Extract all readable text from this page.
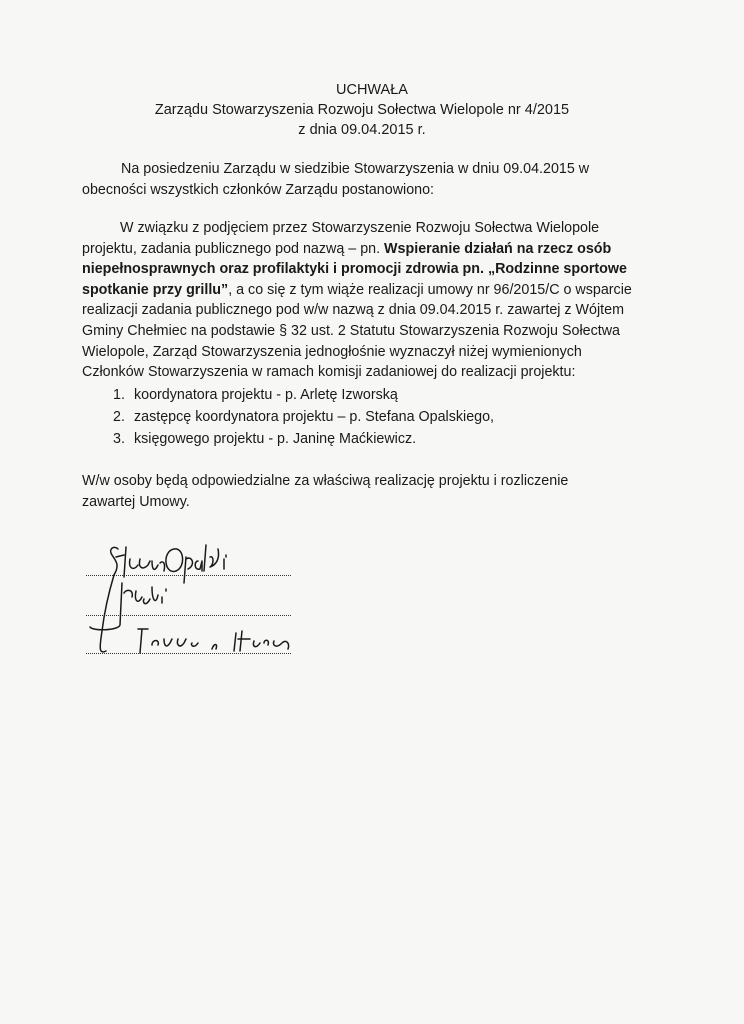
UCHWAŁA
Zarządu Stowarzyszenia Rozwoju Sołectwa Wielopole nr 4/2015
z dnia 09.04.2015 r.

Na posiedzeniu Zarządu w siedzibie Stowarzyszenia w dniu 09.04.2015 w

obecności wszystkich członków Zarządu postanowiono:

W związku z podjęciem przez Stowarzyszenie Rozwoju Sołectwa Wielopole

projektu, zadania publicznego pod nazwą – pn. Wspieranie działań na rzecz osób

niepełnosprawnych oraz profilaktyki i promocji zdrowia pn. „Rodzinne sportowe

spotkanie przy grillu”, a co się z tym wiąże realizacji umowy nr 96/2015/C o wsparcie

realizacji zadania publicznego pod w/w nazwą z dnia 09.04.2015 r. zawartej z Wójtem

Gminy Chełmiec na podstawie § 32 ust. 2 Statutu Stowarzyszenia Rozwoju Sołectwa

Wielopole, Zarząd Stowarzyszenia jednogłośnie wyznaczył niżej wymienionych

Członków Stowarzyszenia w ramach komisji zadaniowej do realizacji projektu:

1. koordynatora projektu - p. Arletę Izworską
2. zastępcę koordynatora projektu – p. Stefana Opalskiego,
3. księgowego projektu - p. Janinę Maćkiewicz.

W/w osoby będą odpowiedzialne za właściwą realizację projektu i rozliczenie

zawartej Umowy.
